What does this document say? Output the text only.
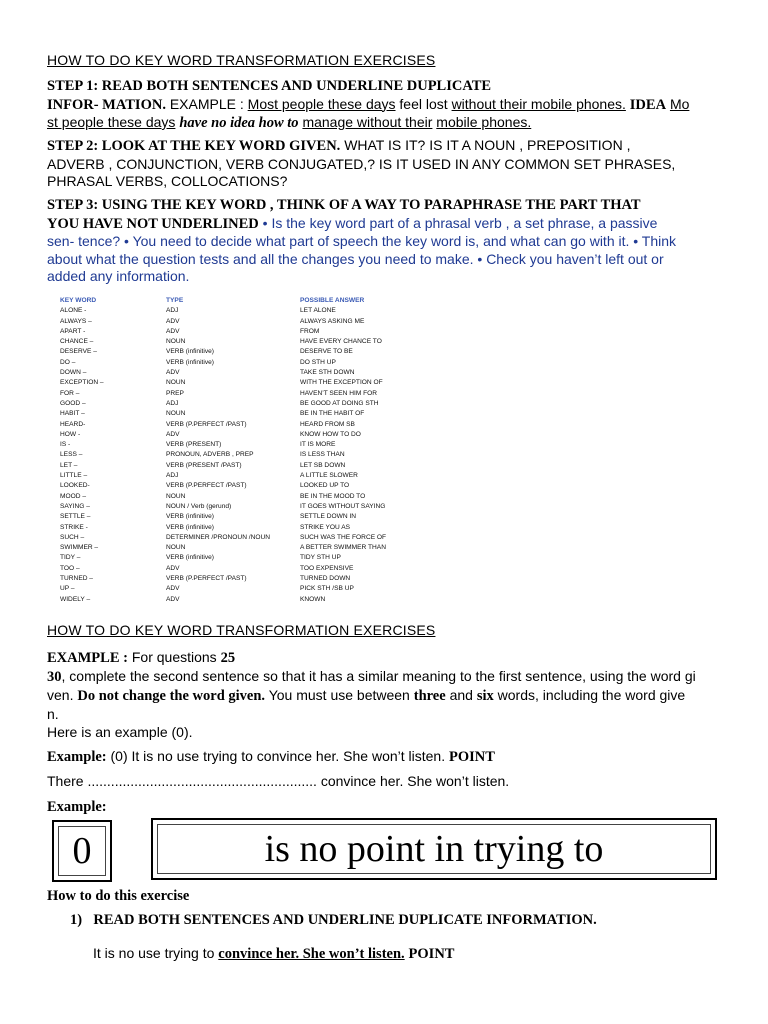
HOW TO DO KEY WORD TRANSFORMATION EXERCISES
STEP 1: READ BOTH SENTENCES AND UNDERLINE DUPLICATE
INFOR- MATION. EXAMPLE : Most people these days feel lost without their mobile phones. IDEA Mo
st people these days have no idea how to manage without their mobile phones.
STEP 2: LOOK AT THE KEY WORD GIVEN. WHAT IS IT? IS IT A NOUN , PREPOSITION ,
ADVERB , CONJUNCTION, VERB CONJUGATED,? IS IT USED IN ANY COMMON SET PHRASES,
PHRASAL VERBS, COLLOCATIONS?
STEP 3: USING THE KEY WORD , THINK OF A WAY TO PARAPHRASE THE PART THAT
YOU HAVE NOT UNDERLINED • Is the key word part of a phrasal verb , a set phrase, a passive
sen- tence? • You need to decide what part of speech the key word is, and what can go with it. • Think
about what the question tests and all the changes you need to make. • Check you haven’t left out or
added any information.
KEY WORD	TYPE	POSSIBLE ANSWER
ALONE -	ADJ	LET ALONE
ALWAYS –	ADV	ALWAYS ASKING ME
APART -	ADV	FROM
CHANCE –	NOUN	HAVE EVERY CHANCE TO
DESERVE –	VERB (infinitive)	DESERVE TO BE
DO –	VERB (infinitive)	DO STH UP
DOWN –	ADV	TAKE STH DOWN
EXCEPTION –	NOUN	WITH THE EXCEPTION OF
FOR –	PREP	HAVEN’T SEEN HIM FOR
GOOD –	ADJ	BE GOOD AT DOING STH
HABIT –	NOUN	BE IN THE HABIT OF
HEARD-	VERB (P.PERFECT /PAST)	HEARD FROM SB
HOW -	ADV	KNOW HOW TO DO
IS -	VERB (PRESENT)	IT IS MORE
LESS –	PRONOUN, ADVERB , PREP	IS LESS THAN
LET –	VERB (PRESENT /PAST)	LET SB DOWN
LITTLE –	ADJ	A LITTLE SLOWER
LOOKED-	VERB (P.PERFECT /PAST)	LOOKED UP TO
MOOD –	NOUN	BE IN THE MOOD TO
SAYING –	NOUN / Verb (gerund)	IT GOES WITHOUT SAYING
SETTLE –	VERB (infinitive)	SETTLE DOWN IN
STRIKE -	VERB (infinitive)	STRIKE YOU AS
SUCH –	DETERMINER /PRONOUN /NOUN	SUCH WAS THE FORCE OF
SWIMMER –	NOUN	A BETTER SWIMMER THAN
TIDY –	VERB (infinitive)	TIDY STH UP
TOO –	ADV	TOO EXPENSIVE
TURNED –	VERB (P.PERFECT /PAST)	TURNED DOWN
UP –	ADV	PICK STH /SB UP
WIDELY –	ADV	KNOWN
HOW TO DO KEY WORD TRANSFORMATION EXERCISES
EXAMPLE : For questions 25
30, complete the second sentence so that it has a similar meaning to the first sentence, using the word gi
ven. Do not change the word given. You must use between three and six words, including the word give
n.
Here is an example (0).
Example: (0) It is no use trying to convince her. She won’t listen. POINT
There ........................................................... convince her. She won’t listen.
Example:
0	is no point in trying to
How to do this exercise
1) READ BOTH SENTENCES AND UNDERLINE DUPLICATE INFORMATION.
It is no use trying to convince her. She won’t listen. POINT
